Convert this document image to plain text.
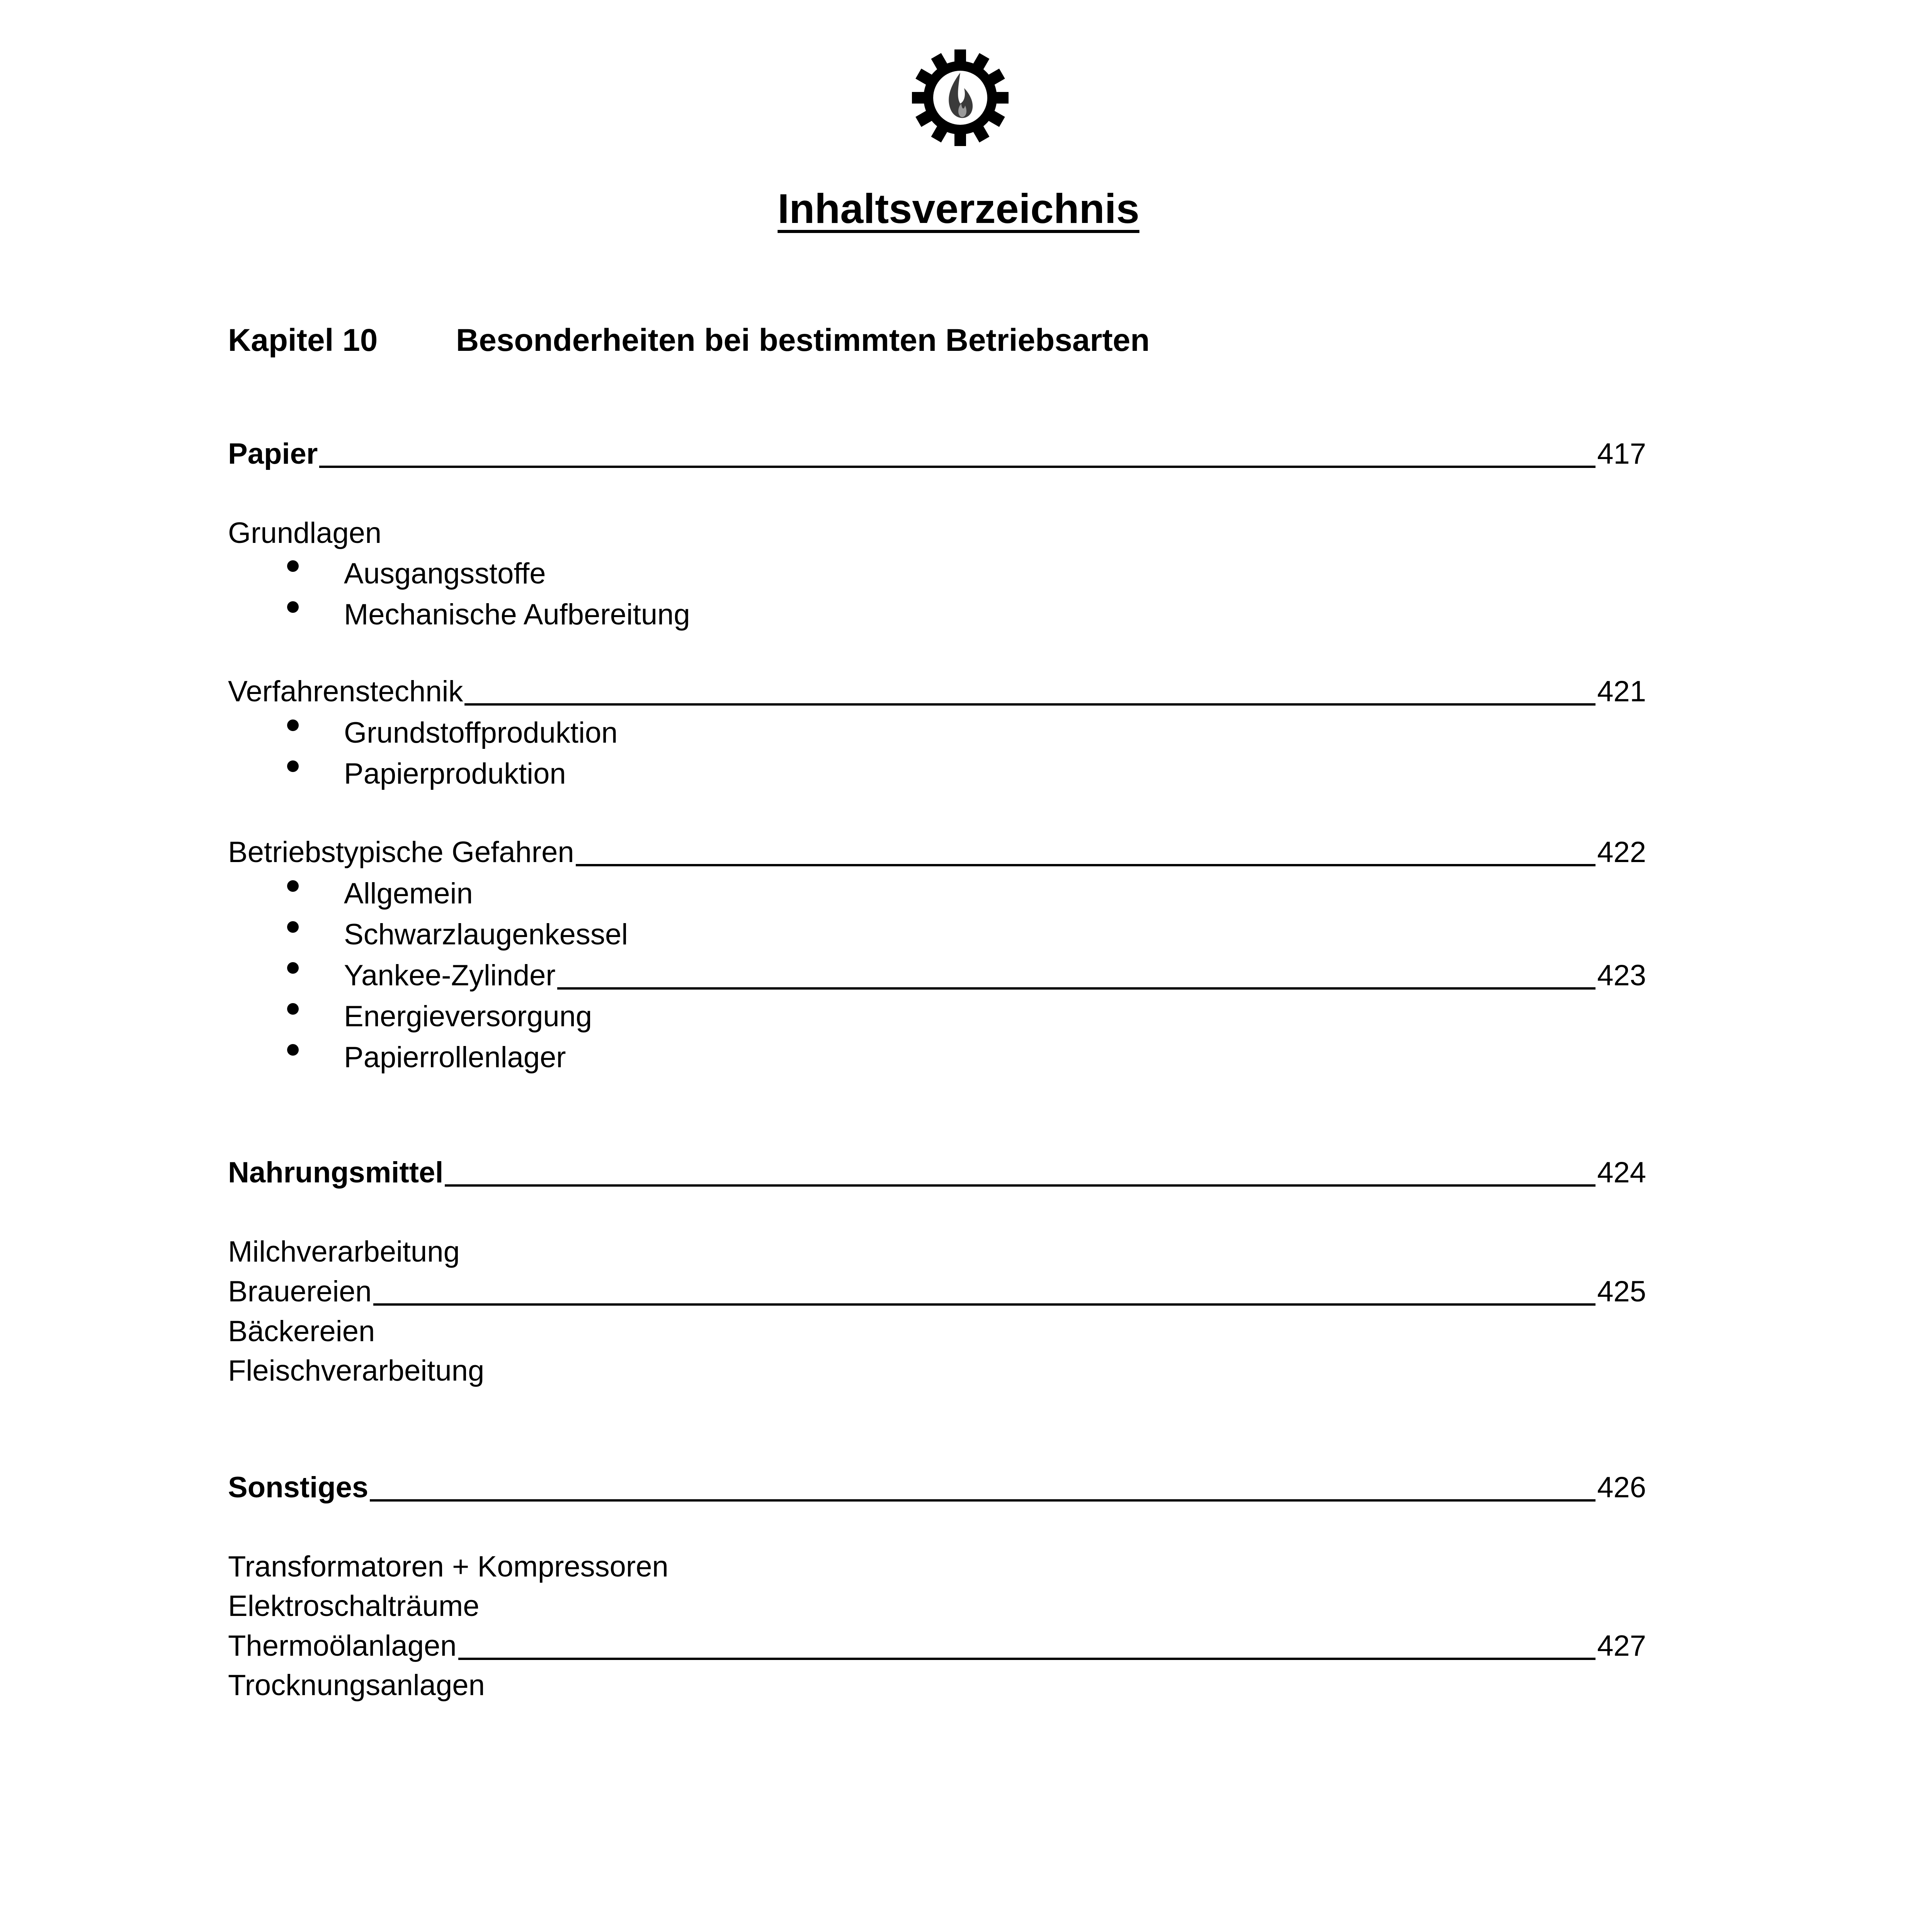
Inhaltsverzeichnis
Kapitel 10 Besonderheiten bei bestimmten Betriebsarten
Papier	417
Grundlagen
Ausgangsstoffe
Mechanische Aufbereitung
Verfahrenstechnik	421
Grundstoffproduktion
Papierproduktion
Betriebstypische Gefahren	422
Allgemein
Schwarzlaugenkessel
Yankee-Zylinder	423
Energieversorgung
Papierrollenlager
Nahrungsmittel	424
Milchverarbeitung
Brauereien	425
Bäckereien
Fleischverarbeitung
Sonstiges	426
Transformatoren + Kompressoren
Elektroschalträume
Thermoölanlagen	427
Trocknungsanlagen
